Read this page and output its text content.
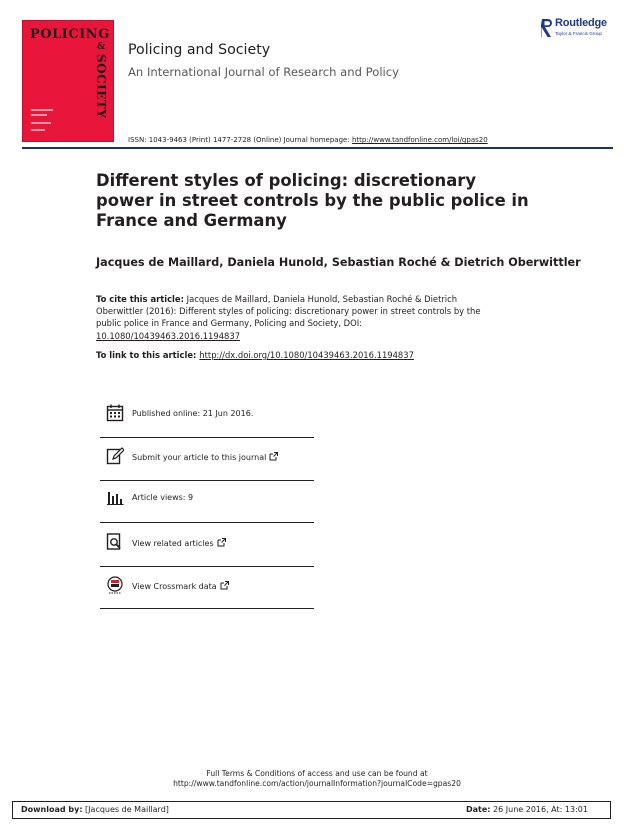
POLICING
&
SOCIETY
Routledge
Taylor & Francis Group
Policing and Society
An International Journal of Research and Policy
ISSN: 1043-9463 (Print) 1477-2728 (Online) Journal homepage: http://www.tandfonline.com/loi/gpas20
Different styles of policing: discretionary power in street controls by the public police in France and Germany
Jacques de Maillard, Daniela Hunold, Sebastian Roché & Dietrich Oberwittler
To cite this article: Jacques de Maillard, Daniela Hunold, Sebastian Roché & Dietrich Oberwittler (2016): Different styles of policing: discretionary power in street controls by the public police in France and Germany, Policing and Society, DOI: 10.1080/10439463.2016.1194837
To link to this article: http://dx.doi.org/10.1080/10439463.2016.1194837
Published online: 21 Jun 2016.
Submit your article to this journal
Article views: 9
View related articles
View Crossmark data
Full Terms & Conditions of access and use can be found at
http://www.tandfonline.com/action/journalInformation?journalCode=gpas20
Download by: [Jacques de Maillard]	Date: 26 June 2016, At: 13:01
